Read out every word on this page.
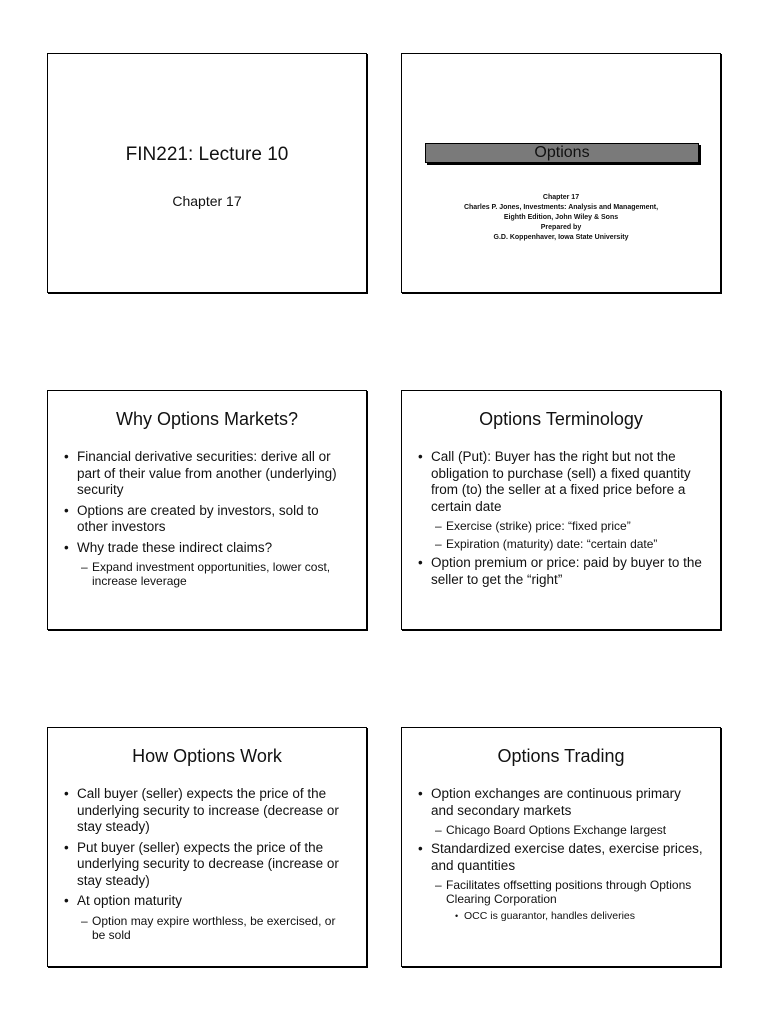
FIN221: Lecture 10
Chapter 17
Options
Chapter 17
Charles P. Jones, Investments: Analysis and Management,
Eighth Edition, John Wiley & Sons
Prepared by
G.D. Koppenhaver, Iowa State University
Why Options Markets?
• Financial derivative securities: derive all or part of their value from another (underlying) security
• Options are created by investors, sold to other investors
• Why trade these indirect claims?
– Expand investment opportunities, lower cost, increase leverage
Options Terminology
• Call (Put): Buyer has the right but not the obligation to purchase (sell) a fixed quantity from (to) the seller at a fixed price before a certain date
– Exercise (strike) price: “fixed price”
– Expiration (maturity) date: “certain date”
• Option premium or price: paid by buyer to the seller to get the “right”
How Options Work
• Call buyer (seller) expects the price of the underlying security to increase (decrease or stay steady)
• Put buyer (seller) expects the price of the underlying security to decrease (increase or stay steady)
• At option maturity
– Option may expire worthless, be exercised, or be sold
Options Trading
• Option exchanges are continuous primary and secondary markets
– Chicago Board Options Exchange largest
• Standardized exercise dates, exercise prices, and quantities
– Facilitates offsetting positions through Options Clearing Corporation
• OCC is guarantor, handles deliveries
